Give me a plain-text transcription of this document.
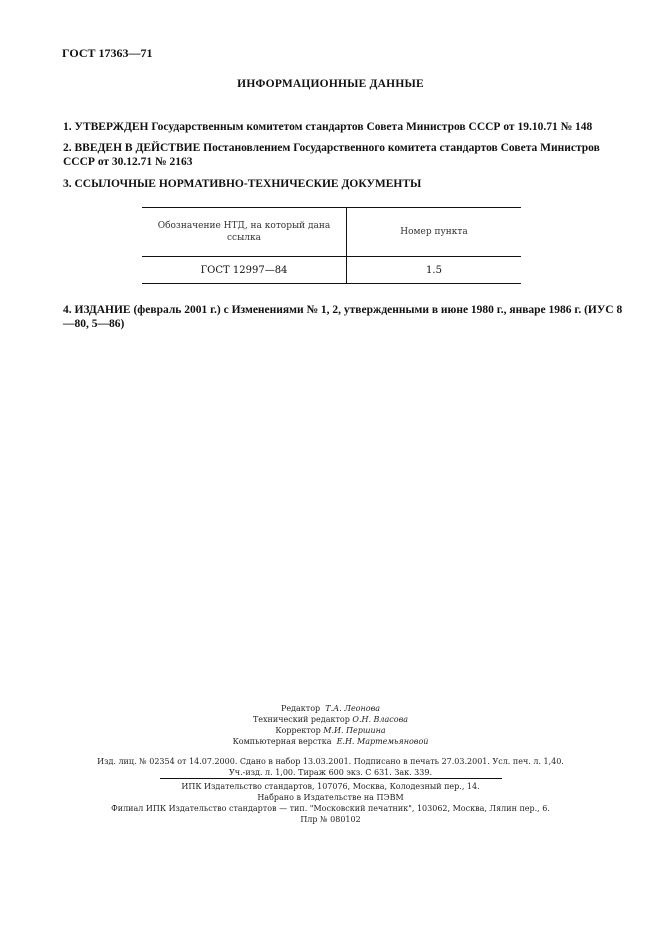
ГОСТ 17363—71
ИНФОРМАЦИОННЫЕ ДАННЫЕ
1. УТВЕРЖДЕН Государственным комитетом стандартов Совета Министров СССР от 19.10.71 № 148
2. ВВЕДЕН В ДЕЙСТВИЕ Постановлением Государственного комитета стандартов Совета Министров СССР от 30.12.71 № 2163
3. ССЫЛОЧНЫЕ НОРМАТИВНО-ТЕХНИЧЕСКИЕ ДОКУМЕНТЫ
Обозначение НТД, на который дана ссылка	Номер пункта
ГОСТ 12997—84	1.5
4. ИЗДАНИЕ (февраль 2001 г.) с Изменениями № 1, 2, утвержденными в июне 1980 г., январе 1986 г. (ИУС 8—80, 5—86)
Редактор Т.А. Леонова
Технический редактор О.Н. Власова
Корректор М.И. Першина
Компьютерная верстка Е.Н. Мартемьяновой
Изд. лиц. № 02354 от 14.07.2000. Сдано в набор 13.03.2001. Подписано в печать 27.03.2001. Усл. печ. л. 1,40.
Уч.-изд. л. 1,00. Тираж 600 экз. С 631. Зак. 339.
ИПК Издательство стандартов, 107076, Москва, Колодезный пер., 14.
Набрано в Издательстве на ПЭВМ
Филиал ИПК Издательство стандартов — тип. "Московский печатник", 103062, Москва, Лялин пер., 6.
Плр № 080102
